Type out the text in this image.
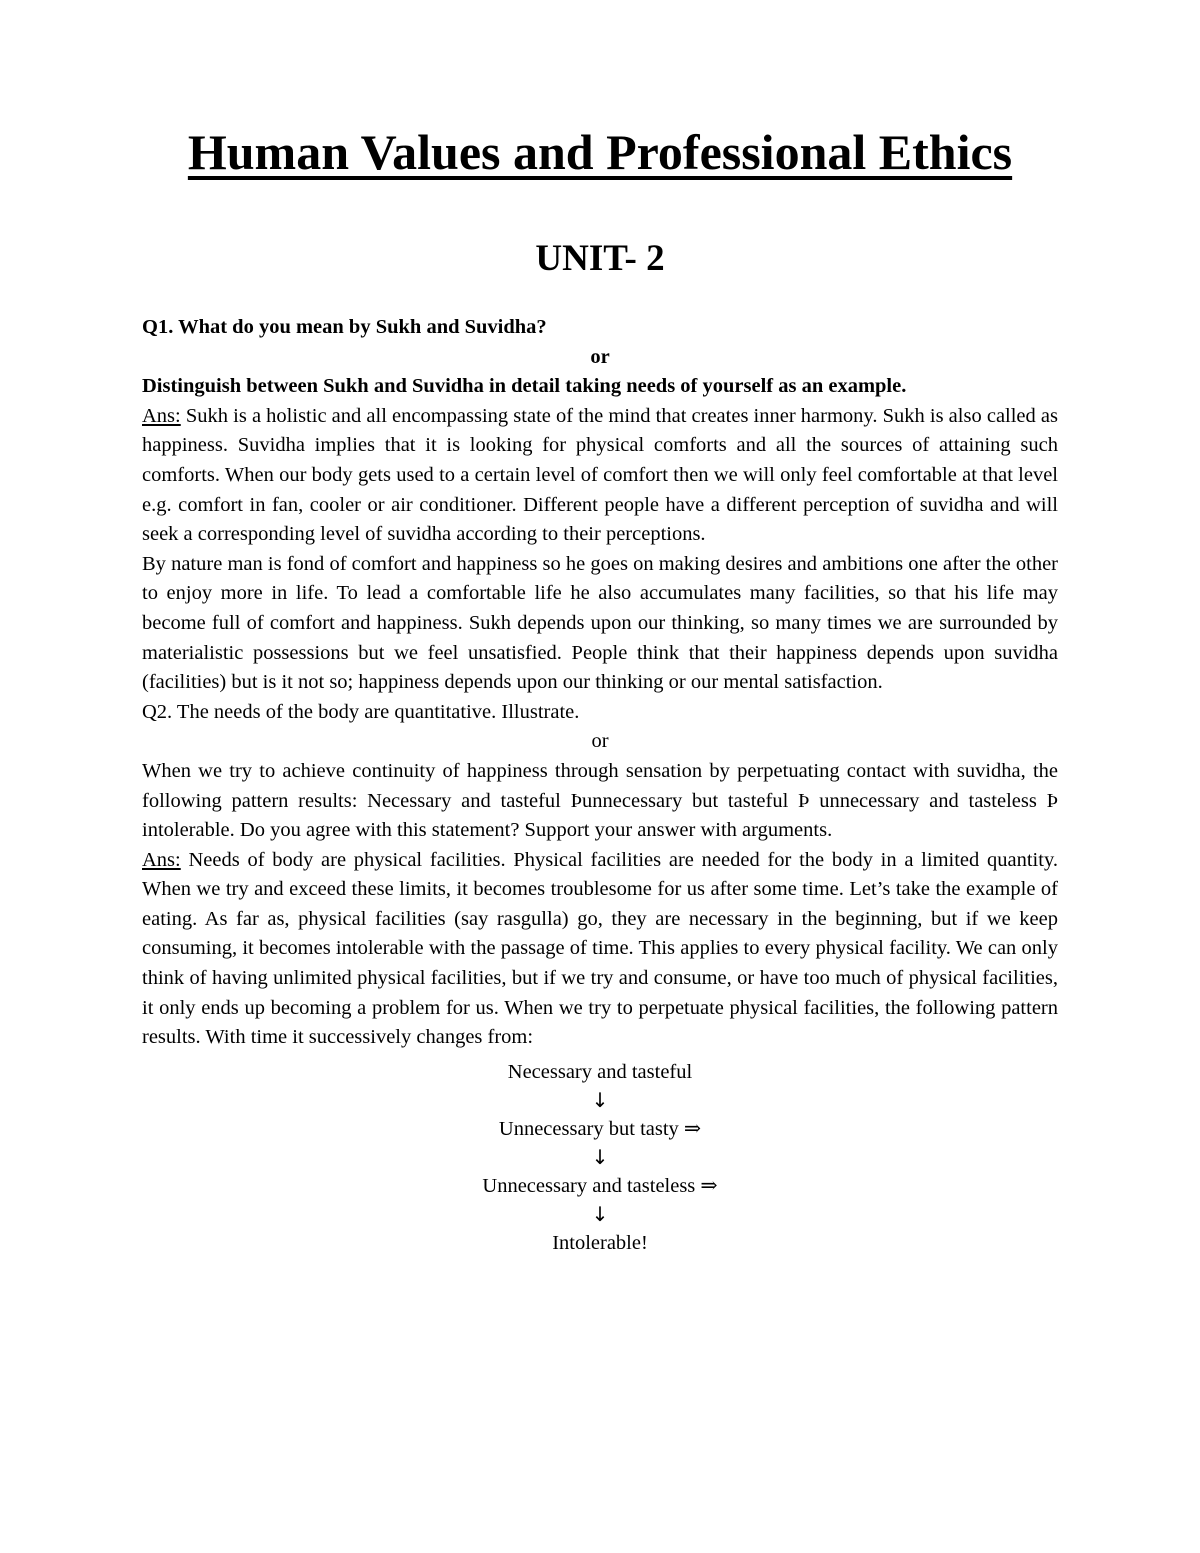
Human Values and Professional Ethics
UNIT- 2
Q1. What do you mean by Sukh and Suvidha?
or
Distinguish between Sukh and Suvidha in detail taking needs of yourself as an example.

Ans: Sukh is a holistic and all encompassing state of the mind that creates inner harmony. Sukh is also called as happiness. Suvidha implies that it is looking for physical comforts and all the sources of attaining such comforts. When our body gets used to a certain level of comfort then we will only feel comfortable at that level e.g. comfort in fan, cooler or air conditioner. Different people have a different perception of suvidha and will seek a corresponding level of suvidha according to their perceptions.

By nature man is fond of comfort and happiness so he goes on making desires and ambitions one after the other to enjoy more in life. To lead a comfortable life he also accumulates many facilities, so that his life may become full of comfort and happiness. Sukh depends upon our thinking, so many times we are surrounded by materialistic possessions but we feel unsatisfied. People think that their happiness depends upon suvidha (facilities) but is it not so; happiness depends upon our thinking or our mental satisfaction.

Q2. The needs of the body are quantitative. Illustrate.
or

When we try to achieve continuity of happiness through sensation by perpetuating contact with suvidha, the following pattern results: Necessary and tasteful Þunnecessary but tasteful Þ unnecessary and tasteless Þ intolerable. Do you agree with this statement? Support your answer with arguments.

Ans: Needs of body are physical facilities. Physical facilities are needed for the body in a limited quantity. When we try and exceed these limits, it becomes troublesome for us after some time. Let’s take the example of eating. As far as, physical facilities (say rasgulla) go, they are necessary in the beginning, but if we keep consuming, it becomes intolerable with the passage of time. This applies to every physical facility. We can only think of having unlimited physical facilities, but if we try and consume, or have too much of physical facilities, it only ends up becoming a problem for us. When we try to perpetuate physical facilities, the following pattern results. With time it successively changes from:

Necessary and tasteful
↓
Unnecessary but tasty ⇒
↓
Unnecessary and tasteless ⇒
↓
Intolerable!
